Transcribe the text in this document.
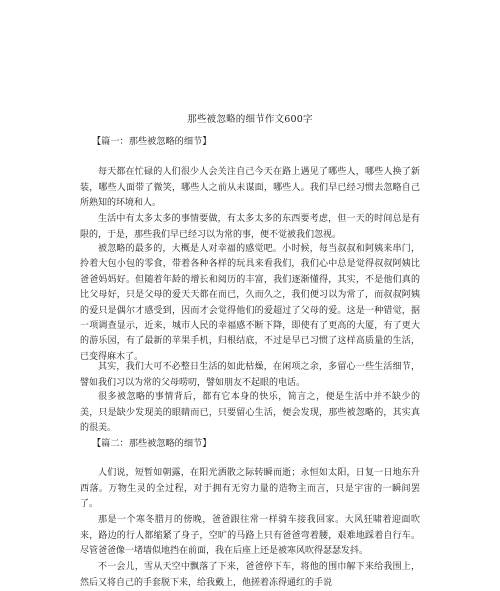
那些被忽略的细节作文600字
【篇一：那些被忽略的细节】

每天都在忙碌的人们很少人会关注自己今天在路上遇见了哪些人，哪些人换了新装，哪些人面带了微笑，哪些人之前从未谋面，哪些人。我们早已经习惯去忽略自己所熟知的环境和人。

生活中有太多太多的事情要做，有太多太多的东西要考虑，但一天的时间总是有限的，于是，那些我们早已经习以为常的事，便不觉被我们忽视。

被忽略的最多的，大概是人对幸福的感觉吧。小时候，每当叔叔和阿姨来串门，拎着大包小包的零食，带着各种各样的玩具来看我们，我们心中总是觉得叔叔阿姨比爸爸妈妈好。但随着年龄的增长和阅历的丰富，我们逐渐懂得，其实，不是他们真的比父母好，只是父母的爱天天都在而已，久而久之，我们便习以为常了，而叔叔阿姨的爱只是偶尔才感受到，因而才会觉得他们的爱超过了父母的爱。这是一种错觉，据一项调查显示，近来，城市人民的幸福感不断下降，即使有了更高的大厦，有了更大的游乐园，有了最新的苹果手机，归根结底，不过是早已习惯了这样高质量的生活，已变得麻木了。

其实，我们大可不必整日生活的如此枯燥，在闲项之余，多留心一些生活细节，譬如我们习以为常的父母唠叨，譬如朋友不起眼的电话。

很多被忽略的事情背后，都有它本身的快乐，简言之，便是生活中并不缺少的美，只是缺少发现美的眼睛而已，只要留心生活，便会发现，那些被忽略的，其实真的很美。

【篇二：那些被忽略的细节】

人们说，短暂如朝露，在阳光洒散之际转瞬而逝；永恒如太阳，日复一日地东升西落。万物生灵的全过程，对于拥有无穷力量的造物主而言，只是宇宙的一瞬间罢了。

那是一个寒冬腊月的傍晚，爸爸跟往常一样骑车接我回家。大风狂啸着迎面吹来，路边的行人都缩紧了身子，空旷的马路上只有爸爸弯着腰，艰难地踩着自行车。尽管爸爸像一堵墙似地挡在前面，我在后座上还是被寒风吹得瑟瑟发抖。

不一会儿，雪从天空中飘落了下来，爸爸停下车，将他的围巾解下来给我围上，然后又将自己的手套脱下来，给我戴上，他搓着冻得通红的手说
